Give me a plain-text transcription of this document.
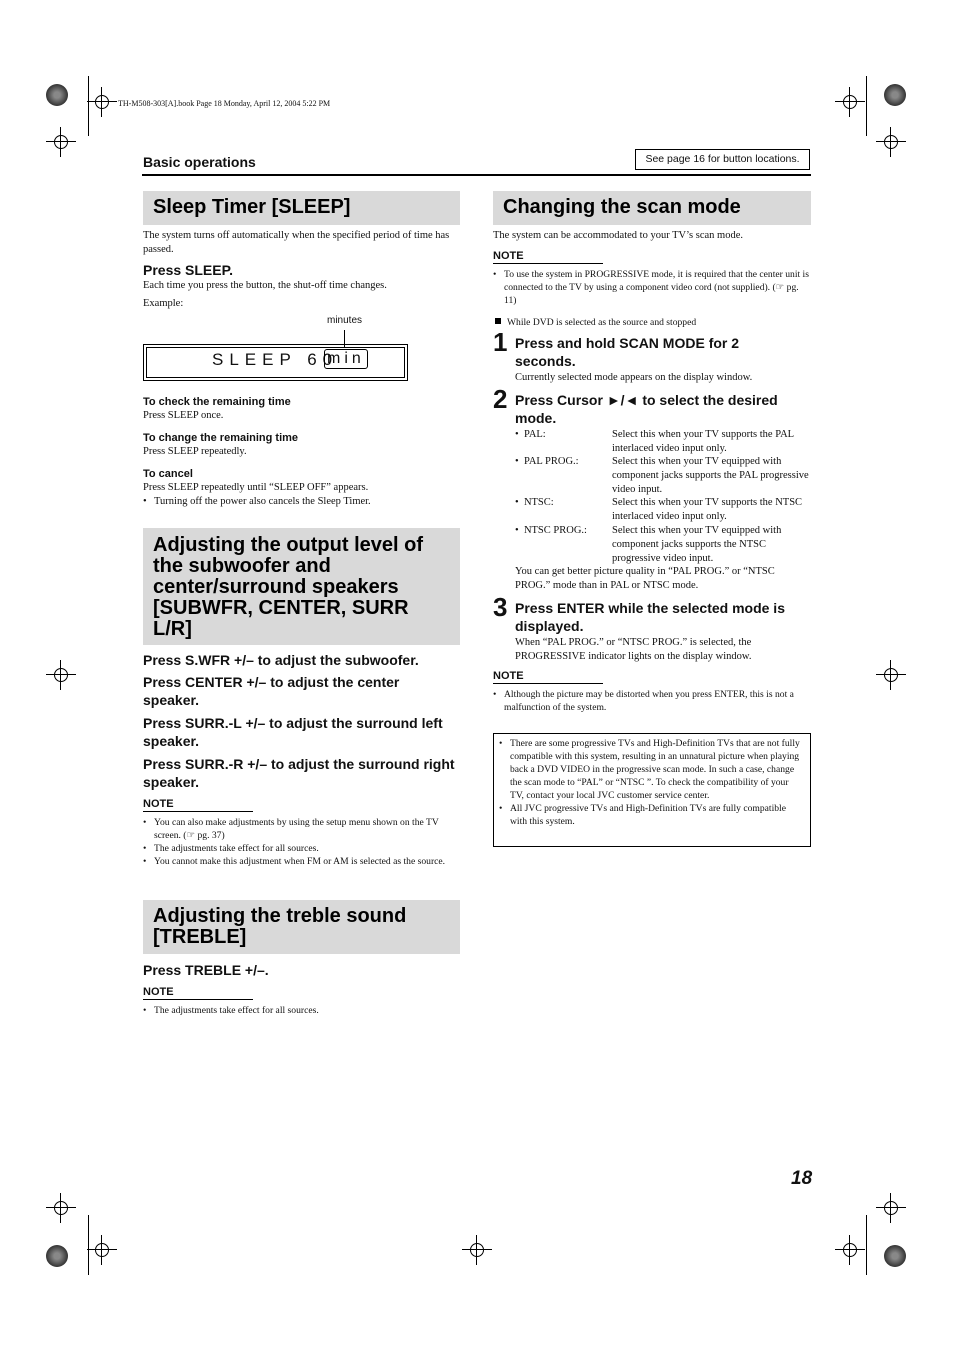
TH-M508-303[A].book Page 18 Monday, April 12, 2004 5:22 PM
Basic operations	See page 16 for button locations.
Sleep Timer [SLEEP]
The system turns off automatically when the specified period of time has passed.
Press SLEEP.
Each time you press the button, the shut-off time changes.
Example:
minutes
SLEEP 60
min
To check the remaining time
Press SLEEP once.
To change the remaining time
Press SLEEP repeatedly.
To cancel
Press SLEEP repeatedly until “SLEEP OFF” appears.
• Turning off the power also cancels the Sleep Timer.
Adjusting the output level of the subwoofer and center/surround speakers [SUBWFR, CENTER, SURR L/R]
Press S.WFR +/– to adjust the subwoofer.
Press CENTER +/– to adjust the center speaker.
Press SURR.-L +/– to adjust the surround left speaker.
Press SURR.-R +/– to adjust the surround right speaker.
NOTE
• You can also make adjustments by using the setup menu shown on the TV screen. (☞ pg. 37)
• The adjustments take effect for all sources.
• You cannot make this adjustment when FM or AM is selected as the source.
Adjusting the treble sound [TREBLE]
Press TREBLE +/–.
NOTE
• The adjustments take effect for all sources.
Changing the scan mode
The system can be accommodated to your TV’s scan mode.
NOTE
• To use the system in PROGRESSIVE mode, it is required that the center unit is connected to the TV by using a component video cord (not supplied). (☞ pg. 11)
While DVD is selected as the source and stopped
1 Press and hold SCAN MODE for 2 seconds.
Currently selected mode appears on the display window.
2 Press Cursor ►/◄ to select the desired mode.
•  PAL:	Select this when your TV supports the PAL interlaced video input only.
•  PAL PROG.:	Select this when your TV equipped with component jacks supports the PAL progressive video input.
•  NTSC:	Select this when your TV supports the NTSC interlaced video input only.
•  NTSC PROG.:	Select this when your TV equipped with component jacks supports the NTSC progressive video input.
You can get better picture quality in “PAL PROG.” or “NTSC PROG.” mode than in PAL or NTSC mode.
3 Press ENTER while the selected mode is displayed.
When “PAL PROG.” or “NTSC PROG.” is selected, the PROGRESSIVE indicator lights on the display window.
NOTE
• Although the picture may be distorted when you press ENTER, this is not a malfunction of the system.
• There are some progressive TVs and High-Definition TVs that are not fully compatible with this system, resulting in an unnatural picture when playing back a DVD VIDEO in the progressive scan mode. In such a case, change the scan mode to “PAL” or “NTSC ”. To check the compatibility of your TV, contact your local JVC customer service center.
• All JVC progressive TVs and High-Definition TVs are fully compatible with this system.
18
